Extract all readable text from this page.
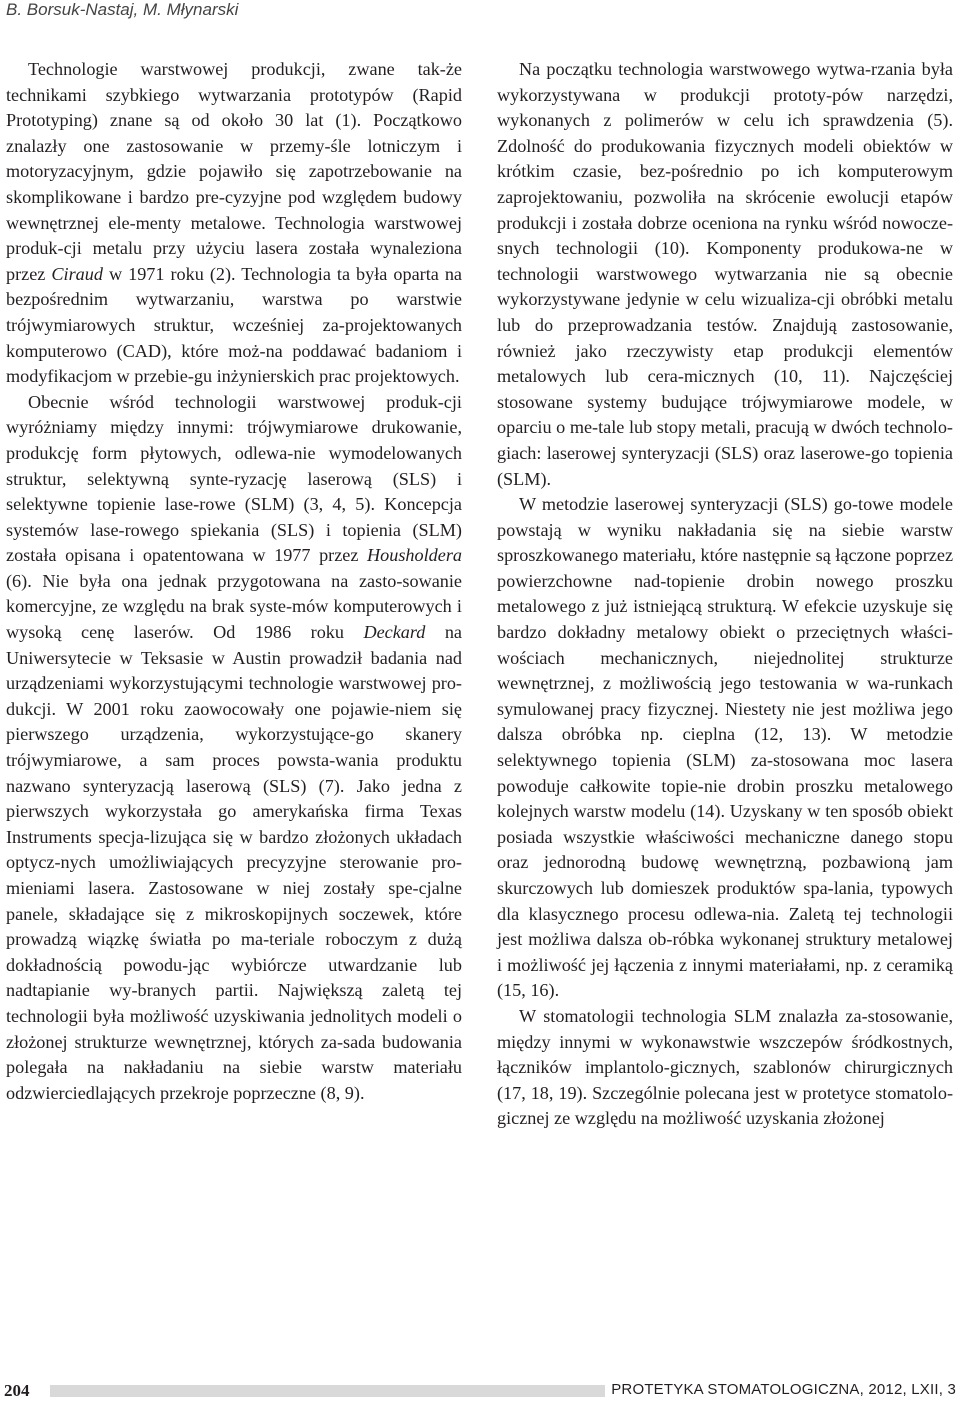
B. Borsuk-Nastaj, M. Młynarski

Technologie warstwowej produkcji, zwane tak-że technikami szybkiego wytwarzania prototypów (Rapid Prototyping) znane są od około 30 lat (1). Początkowo znalazły one zastosowanie w przemy-śle lotniczym i motoryzacyjnym, gdzie pojawiło się zapotrzebowanie na skomplikowane i bardzo pre-cyzyjne pod względem budowy wewnętrznej ele-menty metalowe. Technologia warstwowej produk-cji metalu przy użyciu lasera została wynaleziona przez Ciraud w 1971 roku (2). Technologia ta była oparta na bezpośrednim wytwarzaniu, warstwa po warstwie trójwymiarowych struktur, wcześniej za-projektowanych komputerowo (CAD), które moż-na poddawać badaniom i modyfikacjom w przebie-gu inżynierskich prac projektowych.

Obecnie wśród technologii warstwowej produk-cji wyróżniamy między innymi: trójwymiarowe drukowanie, produkcję form płytowych, odlewa-nie wymodelowanych struktur, selektywną synte-ryzację laserową (SLS) i selektywne topienie lase-rowe (SLM) (3, 4, 5). Koncepcja systemów lase-rowego spiekania (SLS) i topienia (SLM) została opisana i opatentowana w 1977 przez Housholdera (6). Nie była ona jednak przygotowana na zasto-sowanie komercyjne, ze względu na brak syste-mów komputerowych i wysoką cenę laserów. Od 1986 roku Deckard na Uniwersytecie w Teksasie w Austin prowadził badania nad urządzeniami wykorzystującymi technologie warstwowej pro-dukcji. W 2001 roku zaowocowały one pojawie-niem się pierwszego urządzenia, wykorzystujące-go skanery trójwymiarowe, a sam proces powsta-wania produktu nazwano synteryzacją laserową (SLS) (7). Jako jedna z pierwszych wykorzystała go amerykańska firma Texas Instruments specja-lizująca się w bardzo złożonych układach optycz-nych umożliwiających precyzyjne sterowanie pro-mieniami lasera. Zastosowane w niej zostały spe-cjalne panele, składające się z mikroskopijnych soczewek, które prowadzą wiązkę światła po ma-teriale roboczym z dużą dokładnością powodu-jąc wybiórcze utwardzanie lub nadtapianie wy-branych partii. Największą zaletą tej technologii była możliwość uzyskiwania jednolitych modeli o złożonej strukturze wewnętrznej, których za-sada budowania polegała na nakładaniu na siebie warstw materiału odzwierciedlających przekroje poprzeczne (8, 9).

Na początku technologia warstwowego wytwa-rzania była wykorzystywana w produkcji prototy-pów narzędzi, wykonanych z polimerów w celu ich sprawdzenia (5). Zdolność do produkowania fizycznych modeli obiektów w krótkim czasie, bez-pośrednio po ich komputerowym zaprojektowaniu, pozwoliła na skrócenie ewolucji etapów produkcji i została dobrze oceniona na rynku wśród nowocze-snych technologii (10). Komponenty produkowa-ne w technologii warstwowego wytwarzania nie są obecnie wykorzystywane jedynie w celu wizualiza-cji obróbki metalu lub do przeprowadzania testów. Znajdują zastosowanie, również jako rzeczywisty etap produkcji elementów metalowych lub cera-micznych (10, 11). Najczęściej stosowane systemy budujące trójwymiarowe modele, w oparciu o me-tale lub stopy metali, pracują w dwóch technolo-giach: laserowej synteryzacji (SLS) oraz laserowe-go topienia (SLM).

W metodzie laserowej synteryzacji (SLS) go-towe modele powstają w wyniku nakładania się na siebie warstw sproszkowanego materiału, które następnie są łączone poprzez powierzchowne nad-topienie drobin nowego proszku metalowego z już istniejącą strukturą. W efekcie uzyskuje się bardzo dokładny metalowy obiekt o przeciętnych właści-wościach mechanicznych, niejednolitej strukturze wewnętrznej, z możliwością jego testowania w wa-runkach symulowanej pracy fizycznej. Niestety nie jest możliwa jego dalsza obróbka np. cieplna (12, 13). W metodzie selektywnego topienia (SLM) za-stosowana moc lasera powoduje całkowite topie-nie drobin proszku metalowego kolejnych warstw modelu (14). Uzyskany w ten sposób obiekt posiada wszystkie właściwości mechaniczne danego stopu oraz jednorodną budowę wewnętrzną, pozbawioną jam skurczowych lub domieszek produktów spa-lania, typowych dla klasycznego procesu odlewa-nia. Zaletą tej technologii jest możliwa dalsza ob-róbka wykonanej struktury metalowej i możliwość jej łączenia z innymi materiałami, np. z ceramiką (15, 16).

W stomatologii technologia SLM znalazła za-stosowanie, między innymi w wykonawstwie wszczepów śródkostnych, łączników implantolo-gicznych, szablonów chirurgicznych (17, 18, 19). Szczególnie polecana jest w protetyce stomatolo-gicznej ze względu na możliwość uzyskania złożonej

204	PROTETYKA STOMATOLOGICZNA, 2012, LXII, 3
